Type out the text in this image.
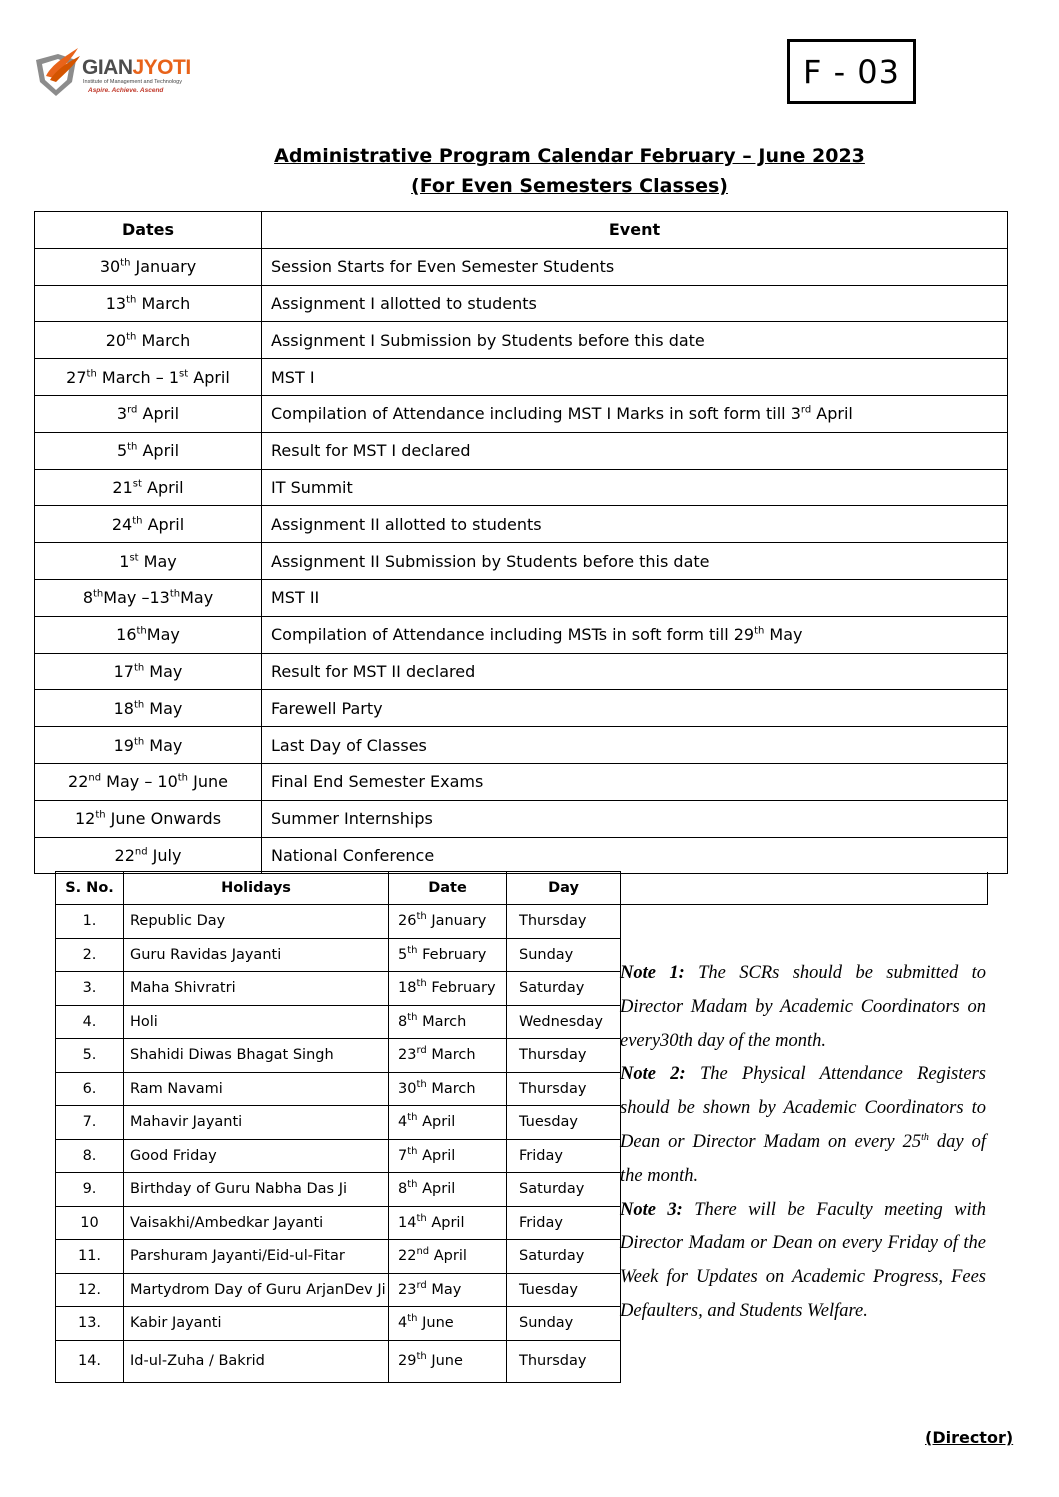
GIANJYOTI
Institute of Management and Technology
Aspire. Achieve. Ascend	F - 03
Administrative Program Calendar February – June 2023
(For Even Semesters Classes)
Dates	Event
30th January	Session Starts for Even Semester Students
13th March	Assignment I allotted to students
20th March	Assignment I Submission by Students before this date
27th March – 1st April	MST I
3rd April	Compilation of Attendance including MST I Marks in soft form till 3rd April
5th April	Result for MST I declared
21st April	IT Summit
24th April	Assignment II allotted to students
1st May	Assignment II Submission by Students before this date
8thMay –13thMay	MST II
16thMay	Compilation of Attendance including MSTs in soft form till 29th May
17th May	Result for MST II declared
18th May	Farewell Party
19th May	Last Day of Classes
22nd May – 10th June	Final End Semester Exams
12th June Onwards	Summer Internships
22nd July	National Conference
S. No.	Holidays	Date	Day	
1.	Republic Day	26th January	Thursday	
2.	Guru Ravidas Jayanti	5th February	Sunday	
3.	Maha Shivratri	18th February	Saturday	
4.	Holi	8th March	Wednesday	
5.	Shahidi Diwas Bhagat Singh	23rd March	Thursday	
6.	Ram Navami	30th March	Thursday	
7.	Mahavir Jayanti	4th April	Tuesday	
8.	Good Friday	7th April	Friday	
9.	Birthday of Guru Nabha Das Ji	8th April	Saturday	
10	Vaisakhi/Ambedkar Jayanti	14th April	Friday	
11.	Parshuram Jayanti/Eid-ul-Fitar	22nd April	Saturday	
12.	Martydrom Day of Guru ArjanDev Ji	23rd May	Tuesday	
13.	Kabir Jayanti	4th June	Sunday	
14.	Id-ul-Zuha / Bakrid	29th June	Thursday	
Note 1: The SCRs should be submitted to Director Madam by Academic Coordinators on every30th day of the month.
Note 2: The Physical Attendance Registers should be shown by Academic Coordinators to Dean or Director Madam on every 25th day of the month.
Note 3: There will be Faculty meeting with Director Madam or Dean on every Friday of the Week for Updates on Academic Progress, Fees Defaulters, and Students Welfare.
(Director)
